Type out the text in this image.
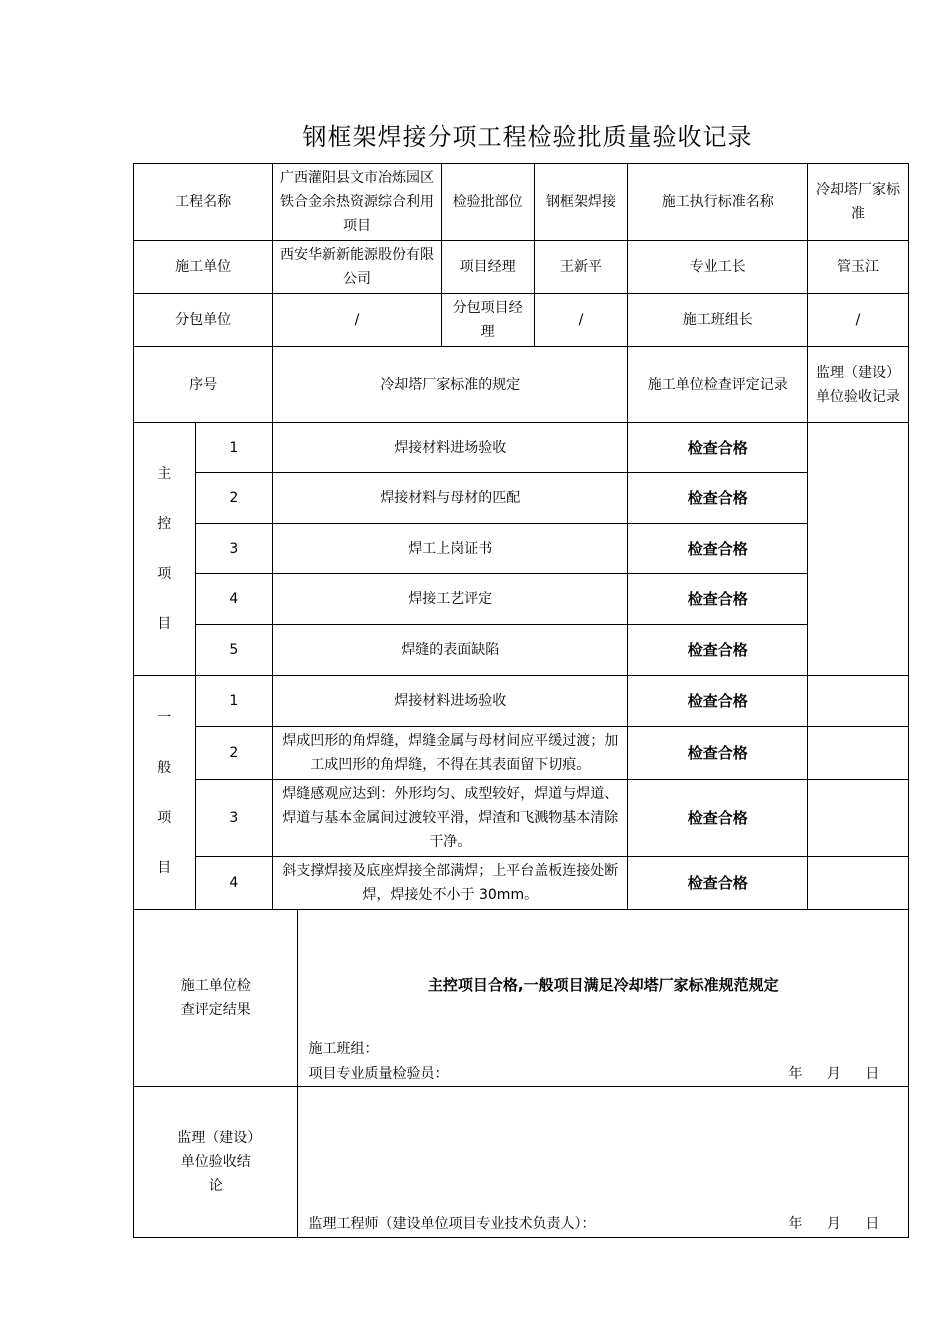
钢框架焊接分项工程检验批质量验收记录
工程名称		广西灌阳县文市冶炼园区铁合金余热资源综合利用项目		检验批部位	钢框架焊接	施工执行标准名称	冷却塔厂家标准
施工单位		西安华新新能源股份有限公司		项目经理	王新平	专业工长	管玉江
分包单位		/		分包项目经理	/	施工班组长	/
序号		冷却塔厂家标准的规定				施工单位检查评定记录	监理（建设）单位验收记录

主
控
项
目	1	焊接材料进场验收				检查合格	
	2	焊接材料与母材的匹配				检查合格	
	3	焊工上岗证书				检查合格	
	4	焊接工艺评定				检查合格	
	5	焊缝的表面缺陷				检查合格	

一
般
项
目	1	焊接材料进场验收				检查合格	
	2	焊成凹形的角焊缝，焊缝金属与母材间应平缓过渡；加工成凹形的角焊缝，不得在其表面留下切痕。				检查合格	
	3	焊缝感观应达到：外形均匀、成型较好，焊道与焊道、焊道与基本金属间过渡较平滑，焊渣和飞溅物基本清除干净。				检查合格	
	4	斜支撑焊接及底座焊接全部满焊；上平台盖板连接处断焊，焊接处不小于 30mm。				检查合格	
施工单位检查评定结果			主控项目合格,一般项目满足冷却塔厂家标准规范规定
施工班组：
项目专业质量检验员： 年 月 日				

监理（建设）单位验收结论			监理工程师（建设单位项目专业技术负责人）： 年 月 日				
